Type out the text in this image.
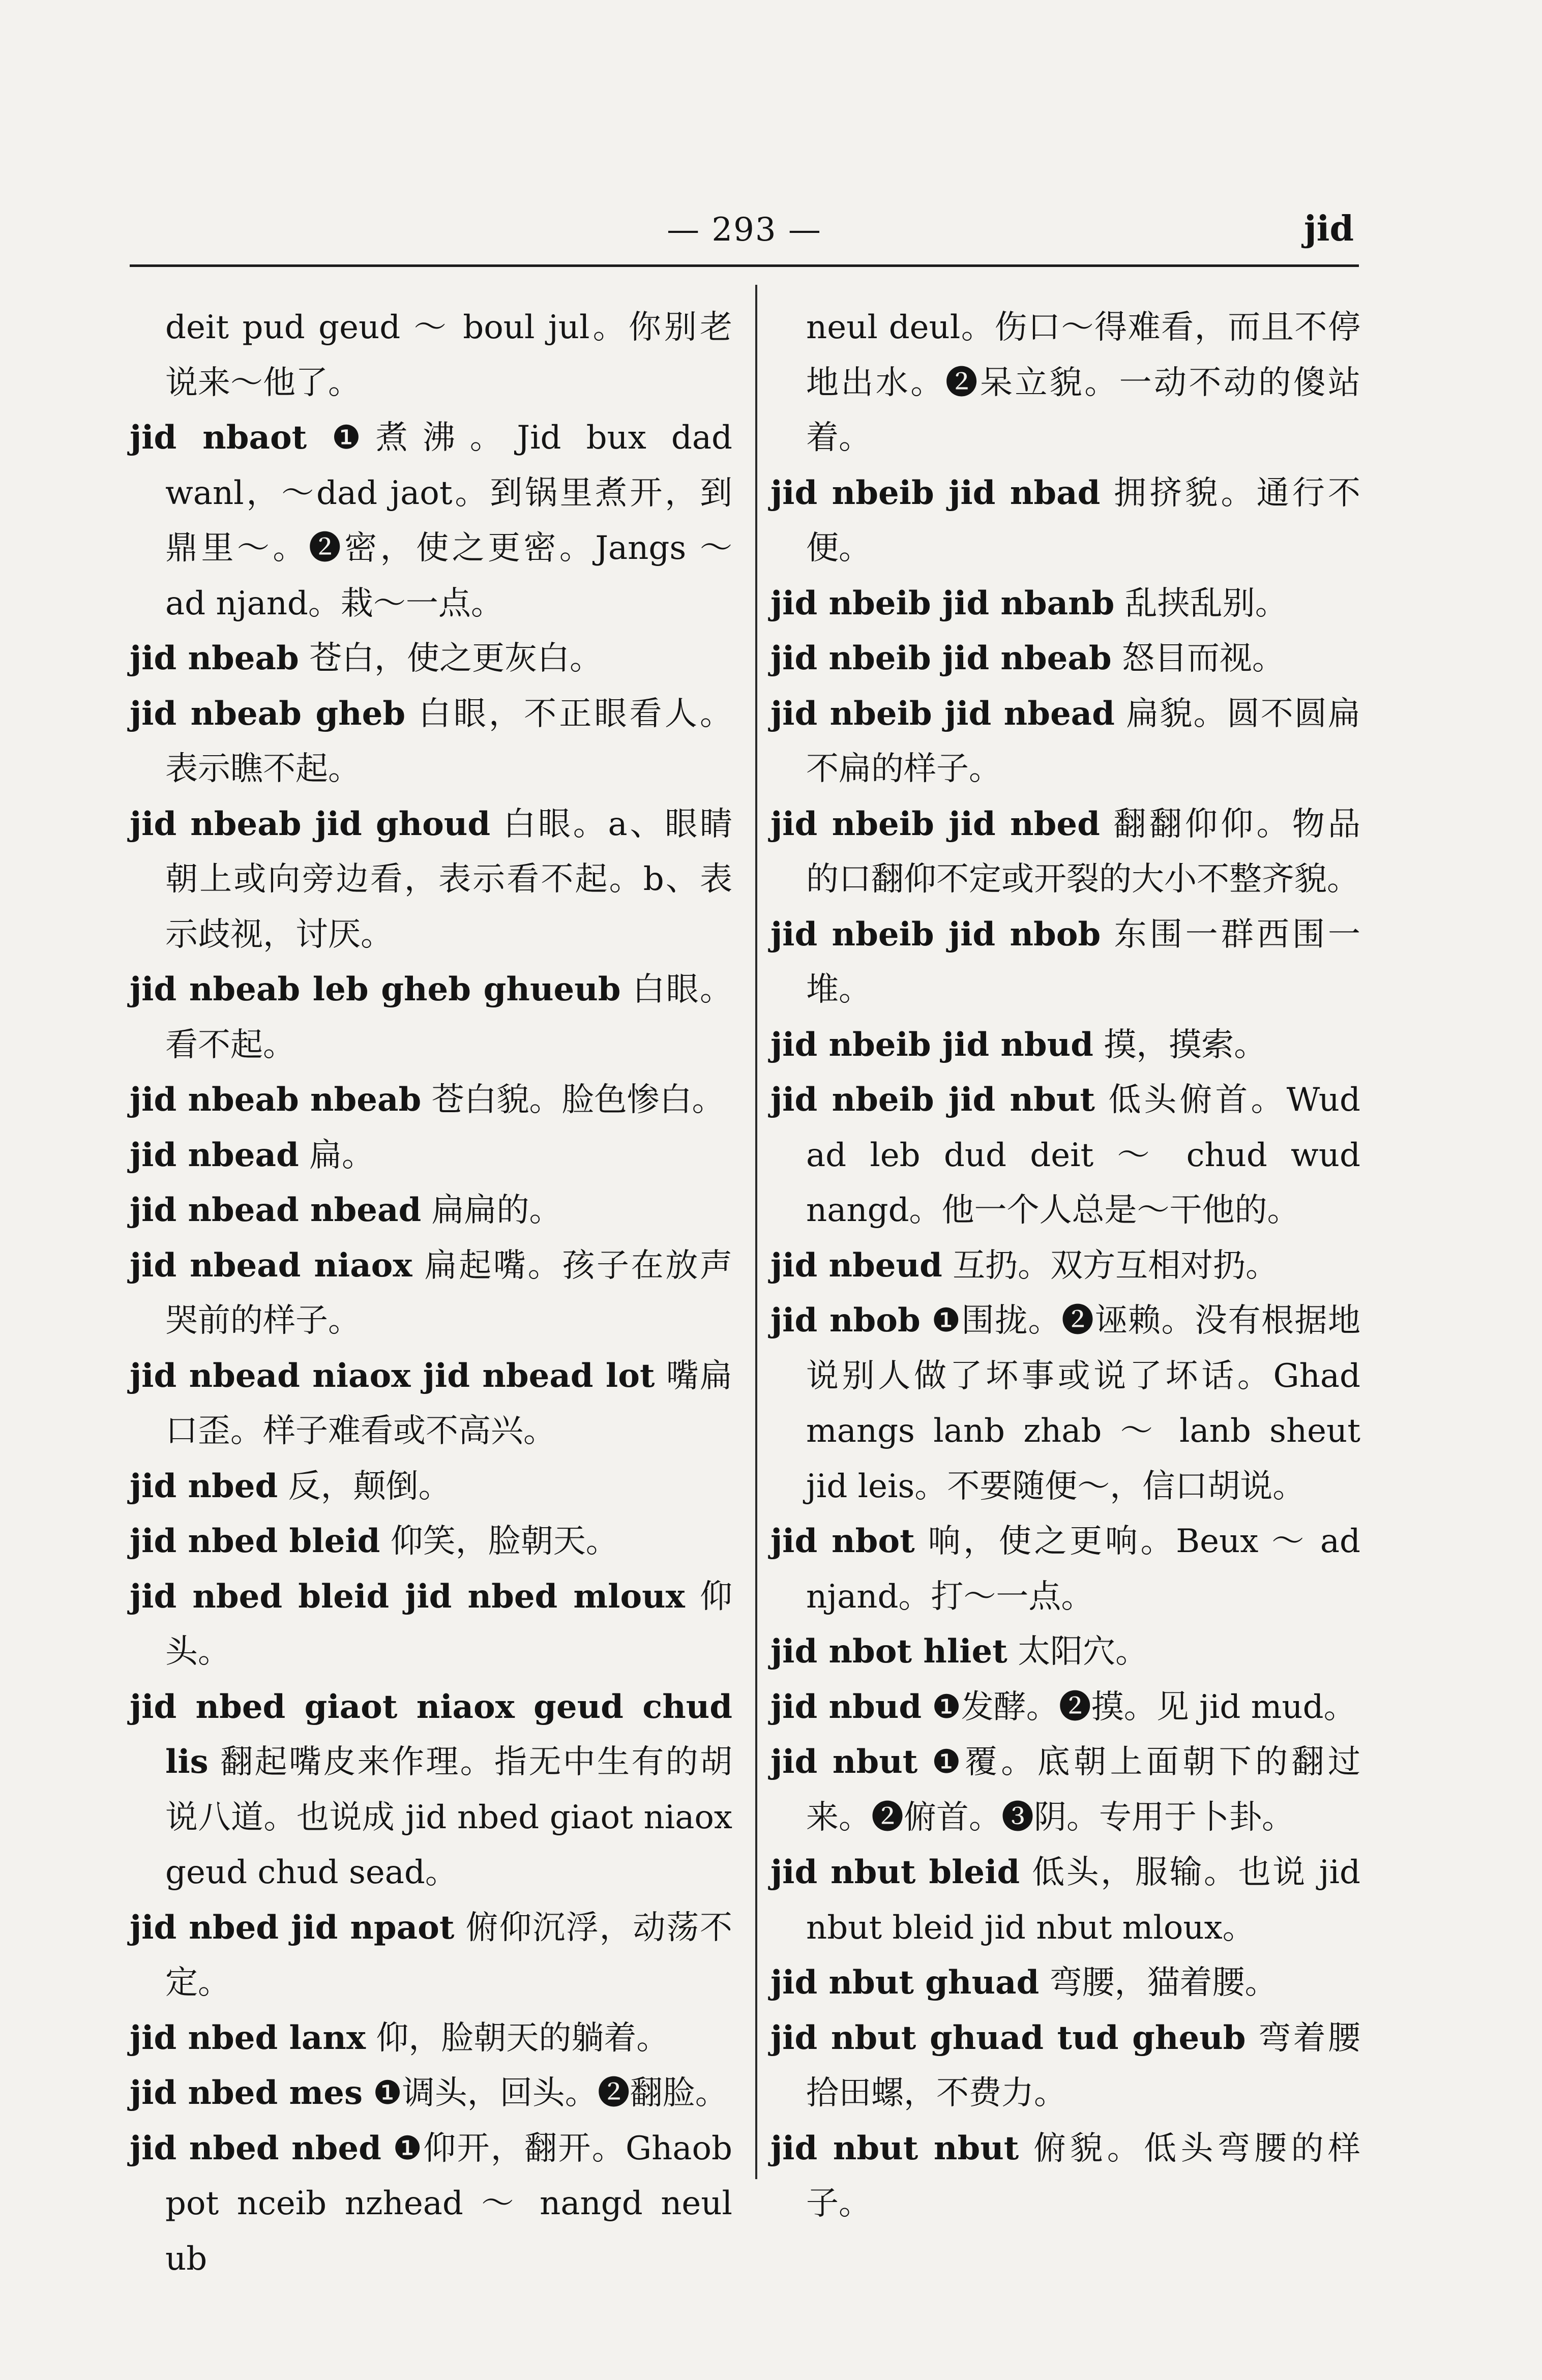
— 293 —	jid
deit pud geud ～ boul jul。你别老说来～他了。
jid nbaot ❶煮沸。Jid bux dad wanl，～dad jaot。到锅里煮开，到鼎里～。❷密，使之更密。Jangs ～ ad njand。栽～一点。
jid nbeab 苍白，使之更灰白。
jid nbeab gheb 白眼，不正眼看人。表示瞧不起。
jid nbeab jid ghoud 白眼。a、眼睛朝上或向旁边看，表示看不起。b、表示歧视，讨厌。
jid nbeab leb gheb ghueub 白眼。看不起。
jid nbeab nbeab 苍白貌。脸色惨白。
jid nbead 扁。
jid nbead nbead 扁扁的。
jid nbead niaox 扁起嘴。孩子在放声哭前的样子。
jid nbead niaox jid nbead lot 嘴扁口歪。样子难看或不高兴。
jid nbed 反，颠倒。
jid nbed bleid 仰笑，脸朝天。
jid nbed bleid jid nbed mloux 仰头。
jid nbed giaot niaox geud chud lis 翻起嘴皮来作理。指无中生有的胡说八道。也说成 jid nbed giaot niaox geud chud sead。
jid nbed jid npaot 俯仰沉浮，动荡不定。
jid nbed lanx 仰，脸朝天的躺着。
jid nbed mes ❶调头，回头。❷翻脸。
jid nbed nbed ❶仰开，翻开。Ghaob pot nceib nzhead ～ nangd neul ub
neul deul。伤口～得难看，而且不停地出水。❷呆立貌。一动不动的傻站着。
jid nbeib jid nbad 拥挤貌。通行不便。
jid nbeib jid nbanb 乱挟乱别。
jid nbeib jid nbeab 怒目而视。
jid nbeib jid nbead 扁貌。圆不圆扁不扁的样子。
jid nbeib jid nbed 翻翻仰仰。物品的口翻仰不定或开裂的大小不整齐貌。
jid nbeib jid nbob 东围一群西围一堆。
jid nbeib jid nbud 摸，摸索。
jid nbeib jid nbut 低头俯首。Wud ad leb dud deit ～ chud wud nangd。他一个人总是～干他的。
jid nbeud 互扔。双方互相对扔。
jid nbob ❶围拢。❷诬赖。没有根据地说别人做了坏事或说了坏话。Ghad mangs lanb zhab ～ lanb sheut jid leis。不要随便～，信口胡说。
jid nbot 响，使之更响。Beux ～ ad njand。打～一点。
jid nbot hliet 太阳穴。
jid nbud ❶发酵。❷摸。见 jid mud。
jid nbut ❶覆。底朝上面朝下的翻过来。❷俯首。❸阴。专用于卜卦。
jid nbut bleid 低头，服输。也说 jid nbut bleid jid nbut mloux。
jid nbut ghuad 弯腰，猫着腰。
jid nbut ghuad tud gheub 弯着腰拾田螺，不费力。
jid nbut nbut 俯貌。低头弯腰的样子。
